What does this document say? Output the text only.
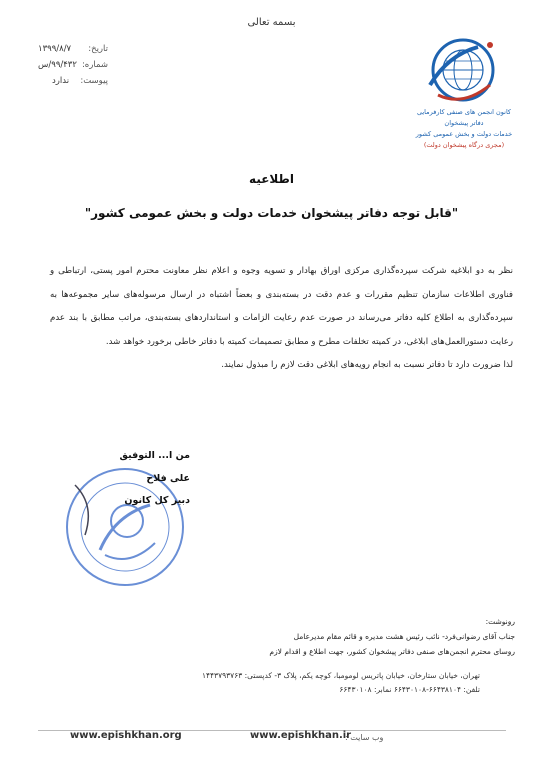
بسمه تعالی
تاریخ:
۱۳۹۹/۸/۷
شماره:
۹۹/۴۳۲/س
پیوست:
ندارد
کانون انجمن های صنفی کارفرمایی دفاتر پیشخوان
خدمات دولت و بخش عمومی کشور
(مجری درگاه پیشخوان دولت)
اطلاعیه
"قابل توجه دفاتر پیشخوان خدمات دولت و بخش عمومی کشور"

نظر به دو ابلاغیه شرکت سپرده‌گذاری مرکزی اوراق بهادار و تسویه وجوه و اعلام نظر معاونت محترم امور پستی، ارتباطی و فناوری اطلاعات سازمان تنظیم مقررات و عدم دقت در بسته‌بندی و بعضاً اشتباه در ارسال مرسوله‌های سایر مجموعه‌ها به سپرده‌گذاری به اطلاع کلیه دفاتر می‌رساند در صورت عدم رعایت الزامات و استانداردهای بسته‌بندی، مراتب مطابق با بند عدم رعایت دستورالعمل‌های ابلاغی، در کمیته تخلفات مطرح و مطابق تصمیمات کمیته با دفاتر خاطی برخورد خواهد شد.

لذا ضرورت دارد تا دفاتر نسبت به انجام رویه‌های ابلاغی دقت لازم را مبذول نمایند.

من ا... التوفیق
علی فلاح
دبیر کل کانون
رونوشت:
جناب آقای رضوانی‌فرد- نائب رئیس هشت مدیره و قائم مقام مدیرعامل
روسای محترم انجمن‌های صنفی دفاتر پیشخوان کشور، جهت اطلاع و اقدام لازم
تهران، خیابان ستارخان، خیابان پاتریس لومومبا، کوچه یکم، پلاک ۳- کدپستی: ۱۴۴۳۷۹۳۷۶۳
تلفن: ۶۶۴۳۸۱۰۴-۶۶۴۳۰۱۰۸ نمابر: ۶۶۴۳۰۱۰۸
وب سایت :
www.epishkhan.ir
www.epishkhan.org
